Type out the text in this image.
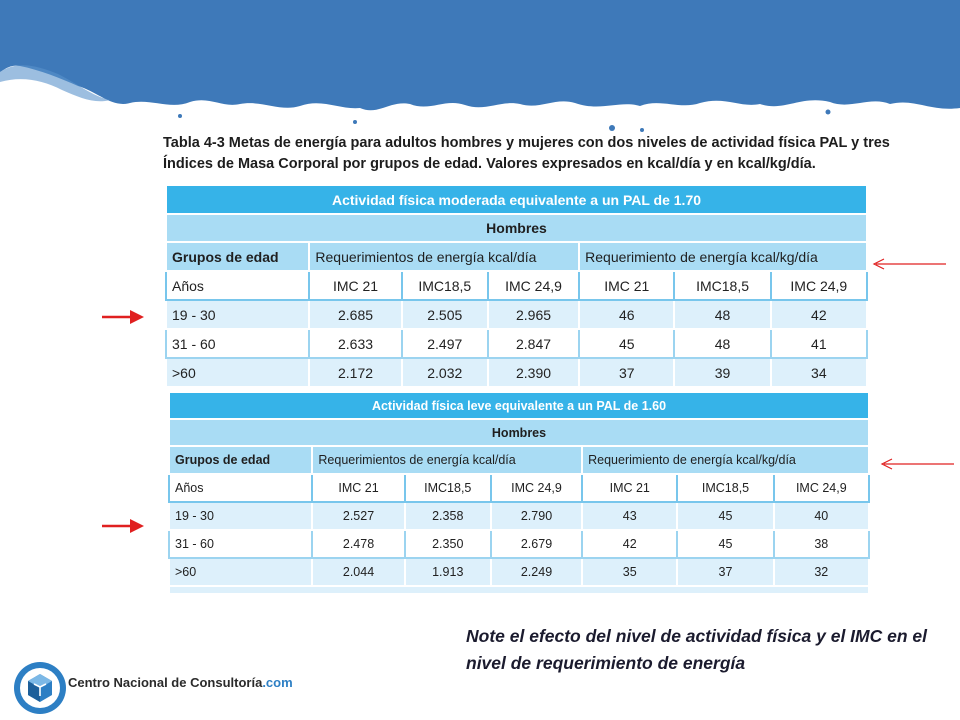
Tabla 4-3 Metas de energía para adultos hombres y mujeres con dos niveles de actividad física PAL y tres Índices de Masa Corporal por grupos de edad. Valores expresados en kcal/día y en kcal/kg/día.

Actividad física moderada equivalente a un PAL de 1.70						
Hombres						
Grupos de edad	Requerimientos de energía kcal/día			Requerimiento de energía kcal/kg/día		
Años	IMC 21	IMC18,5	IMC 24,9	IMC 21	IMC18,5	IMC 24,9
19 - 30	2.685	2.505	2.965	46	48	42
31 - 60	2.633	2.497	2.847	45	48	41
>60	2.172	2.032	2.390	37	39	34
Actividad física leve equivalente a un PAL de 1.60						
Hombres						
Grupos de edad	Requerimientos de energía kcal/día			Requerimiento de energía kcal/kg/día		
Años	IMC 21	IMC18,5	IMC 24,9	IMC 21	IMC18,5	IMC 24,9
19 - 30	2.527	2.358	2.790	43	45	40
31 - 60	2.478	2.350	2.679	42	45	38
>60	2.044	1.913	2.249	35	37	32

Note el efecto del nivel de actividad física y el IMC en el nivel de requerimiento de energía

Centro Nacional de Consultoría.com
